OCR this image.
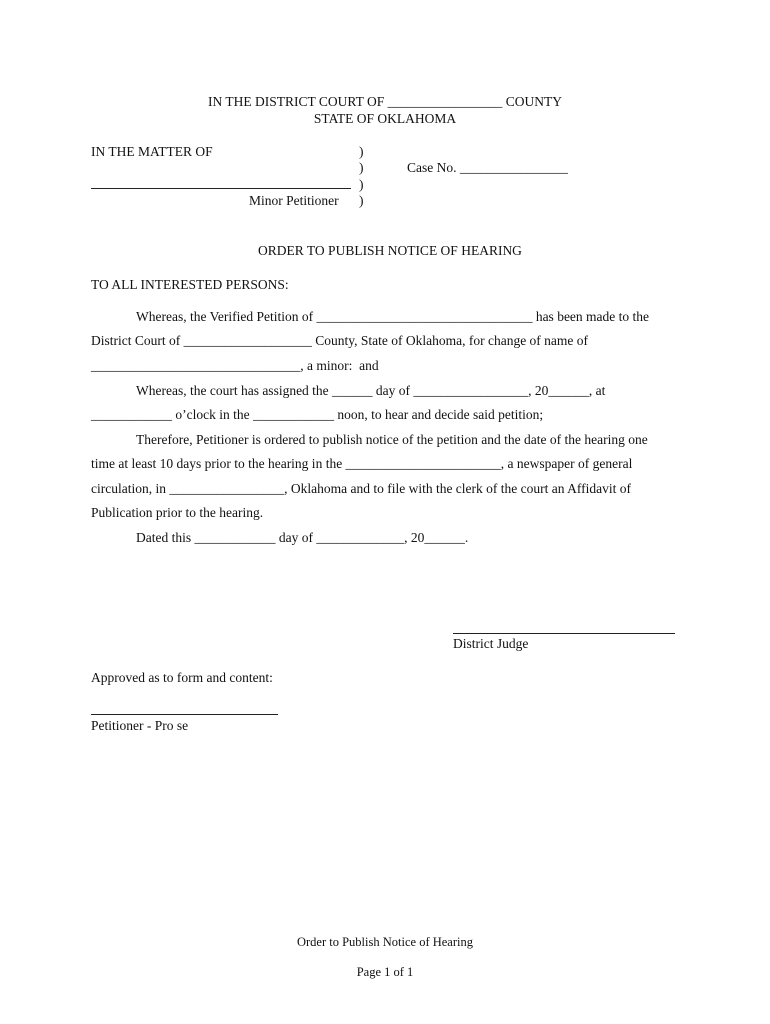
IN THE DISTRICT COURT OF _________________ COUNTY
STATE OF OKLAHOMA
IN THE MATTER OF	)
)	Case No. ________________
)
Minor Petitioner )
ORDER TO PUBLISH NOTICE OF HEARING
TO ALL INTERESTED PERSONS:
Whereas, the Verified Petition of ________________________________ has been made to the
District Court of ___________________ County, State of Oklahoma, for change of name of
_______________________________, a minor:  and
Whereas, the court has assigned the ______ day of _________________, 20______, at
____________ o’clock in the ____________ noon, to hear and decide said petition;
Therefore, Petitioner is ordered to publish notice of the petition and the date of the hearing one
time at least 10 days prior to the hearing in the _______________________, a newspaper of general
circulation, in _________________, Oklahoma and to file with the clerk of the court an Affidavit of
Publication prior to the hearing.
Dated this ____________ day of _____________, 20______.
District Judge
Approved as to form and content:
Petitioner - Pro se
Order to Publish Notice of Hearing
Page 1 of 1
